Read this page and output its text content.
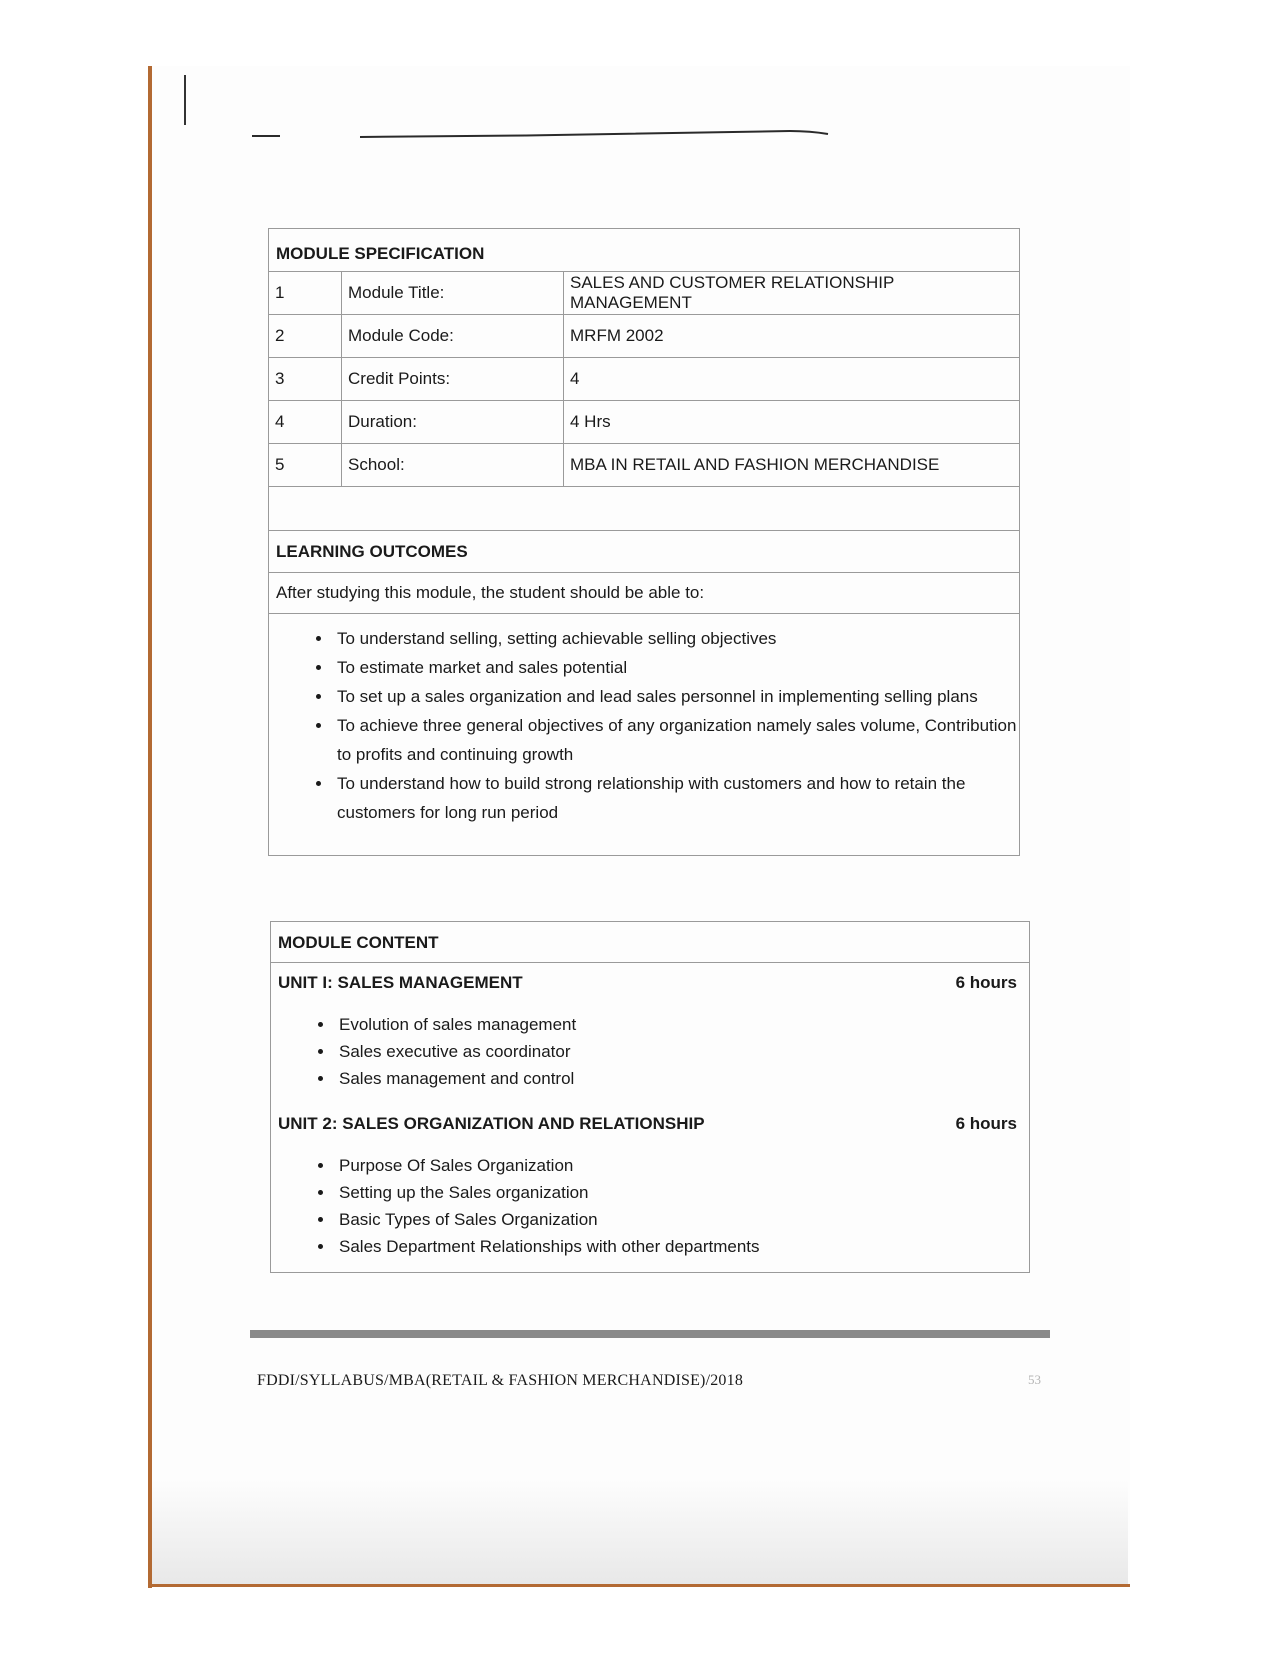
MODULE SPECIFICATION
1	Module Title:	SALES AND CUSTOMER RELATIONSHIP MANAGEMENT
2	Module Code:	MRFM 2002
3	Credit Points:	4
4	Duration:	4 Hrs
5	School:	MBA IN RETAIL AND FASHION MERCHANDISE
LEARNING OUTCOMES
After studying this module, the student should be able to:
• To understand selling, setting achievable selling objectives
• To estimate market and sales potential
• To set up a sales organization and lead sales personnel in implementing selling plans
• To achieve three general objectives of any organization namely sales volume, Contribution to profits and continuing growth
• To understand how to build strong relationship with customers and how to retain the customers for long run period
MODULE CONTENT
UNIT I: SALES MANAGEMENT	6 hours
• Evolution of sales management
• Sales executive as coordinator
• Sales management and control
UNIT 2: SALES ORGANIZATION AND RELATIONSHIP	6 hours
• Purpose Of Sales Organization
• Setting up the Sales organization
• Basic Types of Sales Organization
• Sales Department Relationships with other departments
FDDI/SYLLABUS/MBA(RETAIL & FASHION MERCHANDISE)/2018	53
